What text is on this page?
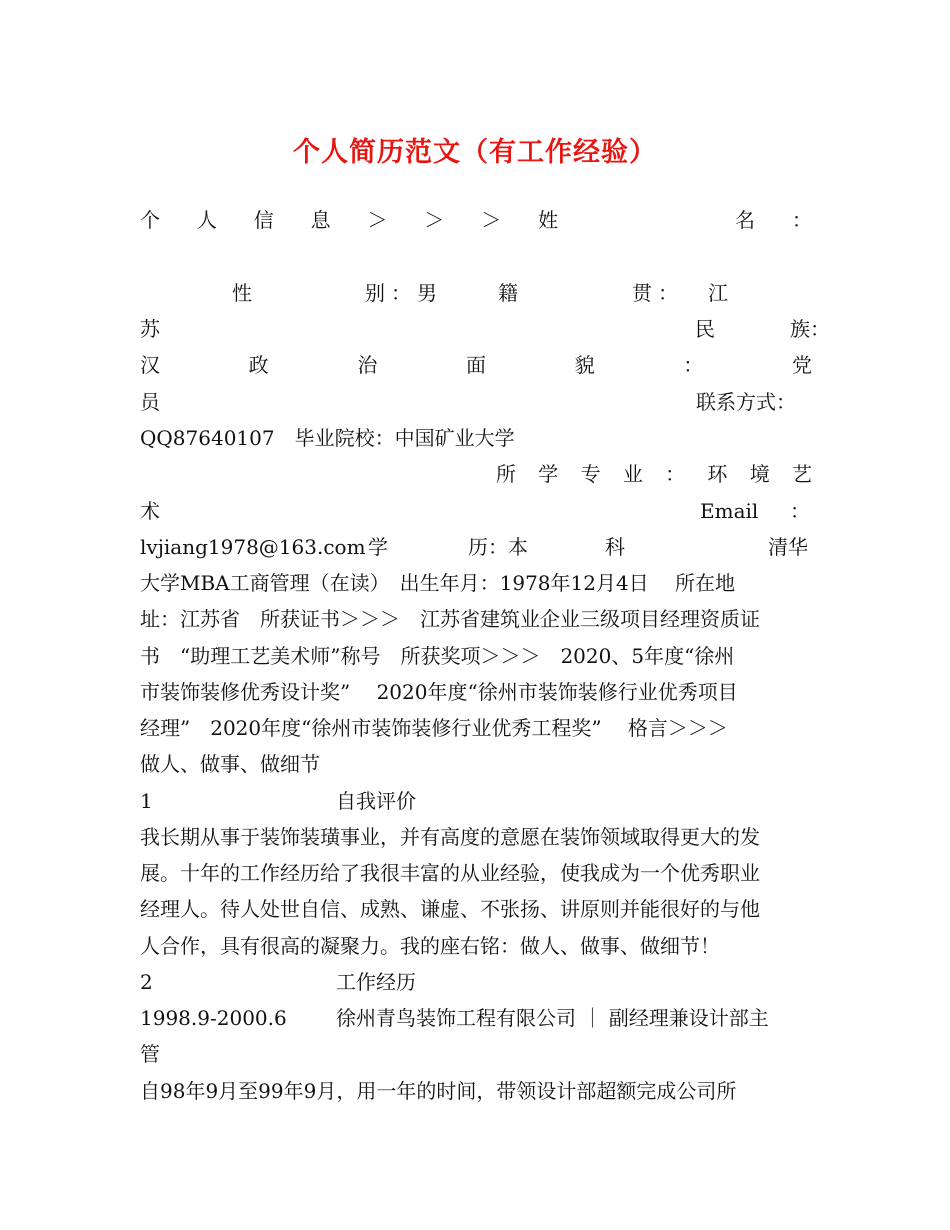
个人简历范文（有工作经验）
个 人 信 息 ＞ ＞ ＞ 姓	名 ：
性	别：男	籍	贯： 江
苏	民	族：
汉	政	治	面	貌	：	党
员	联系方式：
QQ87640107　毕业院校：中国矿业大学
所 学 专 业 ： 环 境 艺
术	Email ：
lvjiang1978@163.com 学	历：本	科	清华
大学MBA工商管理（在读）　出生年月：1978年12月4日　 所在地
址：江苏省　所获证书＞＞＞　江苏省建筑业企业三级项目经理资质证
书　“助理工艺美术师”称号　所获奖项＞＞＞　2020、5年度“徐州
市装饰装修优秀设计奖”　 2020年度“徐州市装饰装修行业优秀项目
经理”　2020年度“徐州市装饰装修行业优秀工程奖”　 格言＞＞＞
做人、做事、做细节
1	自我评价
我长期从事于装饰装璜事业，并有高度的意愿在装饰领域取得更大的发
展。十年的工作经历给了我很丰富的从业经验，使我成为一个优秀职业
经理人。待人处世自信、成熟、谦虚、不张扬、讲原则并能很好的与他
人合作，具有很高的凝聚力。我的座右铭：做人、做事、做细节！
2	工作经历
1998.9-2000.6 徐州青鸟装饰工程有限公司 ｜ 副经理兼设计部主
管
自98年9月至99年9月，用一年的时间，带领设计部超额完成公司所
